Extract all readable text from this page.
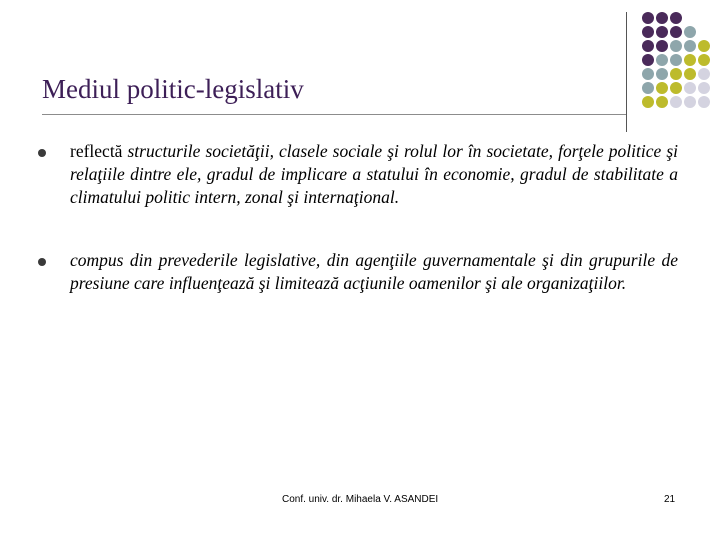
Mediul politic-legislativ
reflectă structurile societăţii, clasele sociale şi rolul lor în societate, forţele politice şi relaţiile dintre ele, gradul de implicare a statului în economie, gradul de stabilitate a climatului politic intern, zonal şi internaţional.
compus din prevederile legislative, din agenţiile guvernamentale şi din grupurile de presiune care influenţează şi limitează acţiunile oamenilor şi ale organizaţiilor.
Conf. univ. dr. Mihaela V. ASANDEI	21
